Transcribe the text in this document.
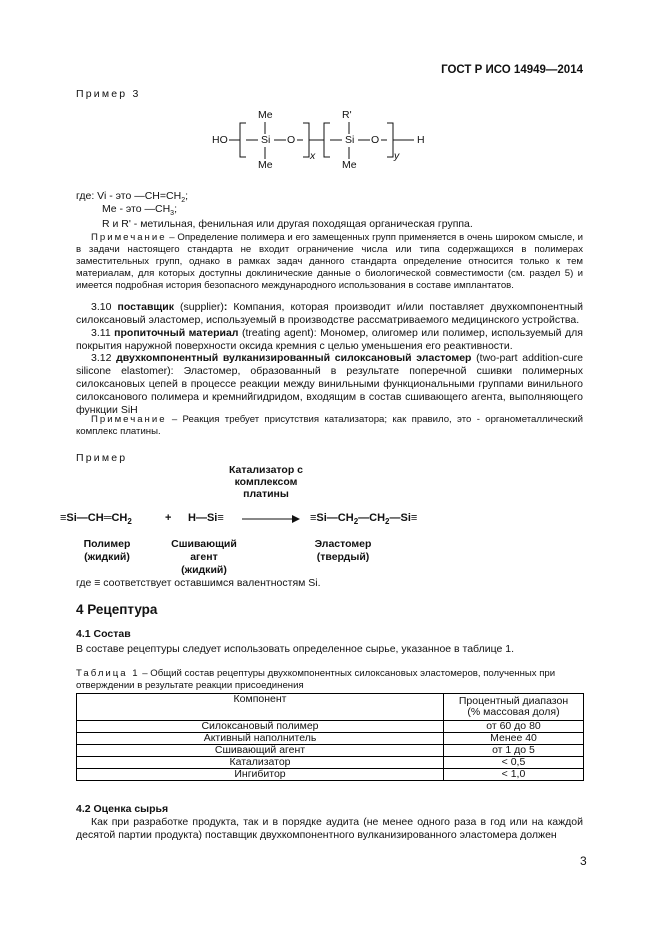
ГОСТ Р ИСО 14949—2014
Пример 3
Me	R'
HO	Si O	Si O	H
Me	Me
x	y
где: Vi - это $—CH=CH_2$;
Me - это $—CH_3$;
R и R' - метильная, фенильная или другая походящая органическая группа.
Примечание – Определение полимера и его замещенных групп применяется в очень широком смысле, и в задачи настоящего стандарта не входит ограничение числа или типа содержащихся в полимерах заместительных групп, однако в рамках задач данного стандарта определение относится только к тем материалам, для которых доступны доклинические данные о биологической совместимости (см. раздел 5) и имеется подробная история безопасного международного использования в составе имплантатов.
3.10 поставщик (supplier): Компания, которая производит и/или поставляет двухкомпонентный силоксановый эластомер, используемый в производстве рассматриваемого медицинского устройства.
3.11 пропиточный материал (treating agent): Мономер, олигомер или полимер, используемый для покрытия наружной поверхности оксида кремния с целью уменьшения его реактивности.
3.12 двухкомпонентный вулканизированный силоксановый эластомер (two-part addition-cure silicone elastomer): Эластомер, образованный в результате поперечной сшивки полимерных силоксановых цепей в процессе реакции между винильными функциональными группами винильного силоксанового полимера и кремнийгидридом, входящим в состав сшивающего агента, выполняющего функции SiH
Примечание – Реакция требует присутствия катализатора; как правило, это - органометаллический комплекс платины.
Пример
Катализатор с
комплексом
платины
$\equiv Si—CH═CH_2$	+ H—Si≡ → $\equiv Si—CH_2—CH_2—Si\equiv$
Полимер
(жидкий)
Сшивающий
агент
(жидкий)
Эластомер
(твердый)
где ≡ соответствует оставшимся валентностям Si.
4 Рецептура
4.1 Состав
В составе рецептуры следует использовать определенное сырье, указанное в таблице 1.
Таблица 1 – Общий состав рецептуры двухкомпонентных силоксановых эластомеров, полученных при отверждении в результате реакции присоединения
Компонент	Процентный диапазон
(% массовая доля)

Силоксановый полимер	от 60 до 80
Активный наполнитель	Менее 40
Сшивающий агент	от 1 до 5
Катализатор	< 0,5
Ингибитор	< 1,0
4.2 Оценка сырья
Как при разработке продукта, так и в порядке аудита (не менее одного раза в год или на каждой десятой партии продукта) поставщик двухкомпонентного вулканизированного эластомера должен
3
